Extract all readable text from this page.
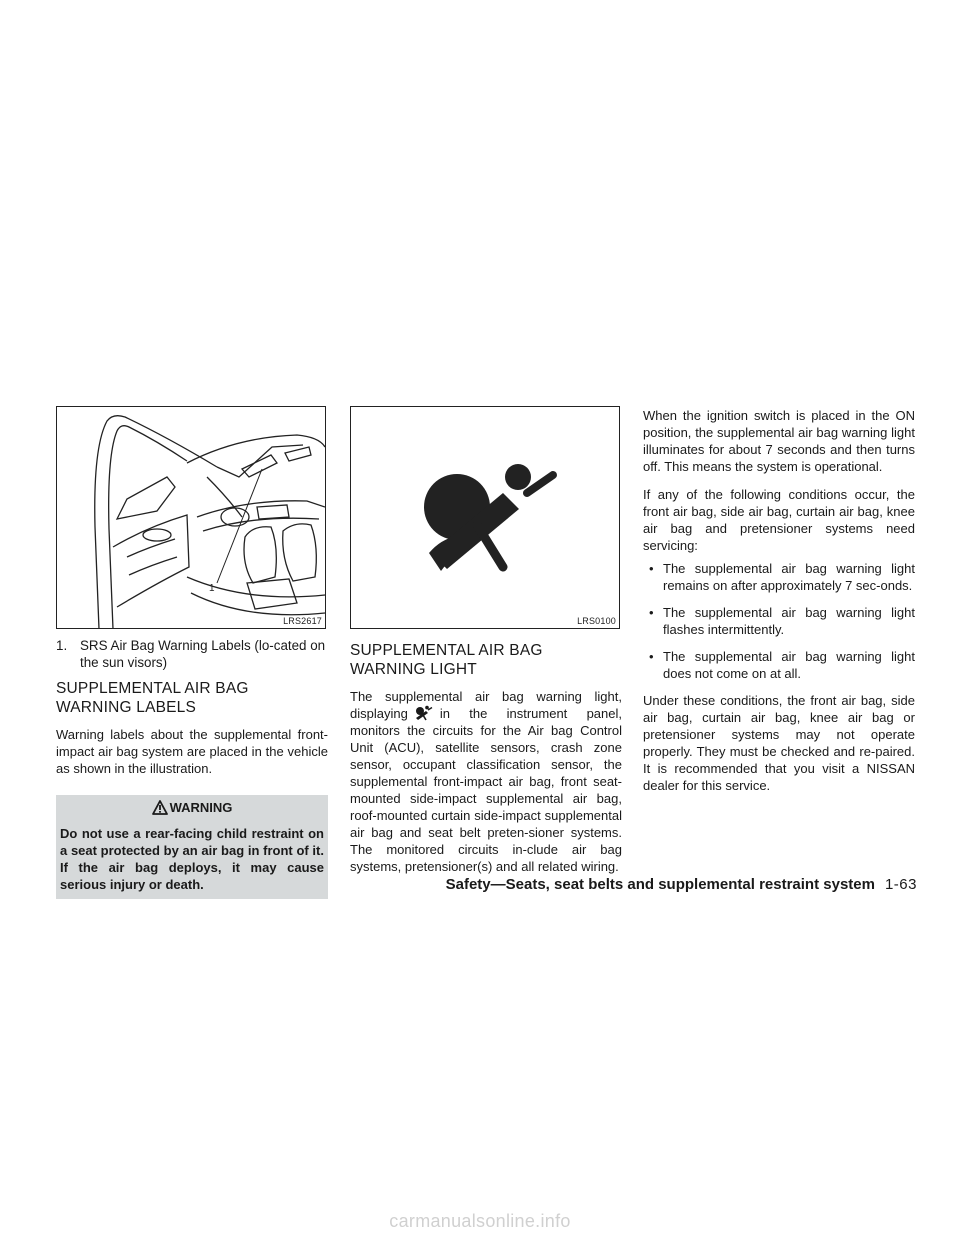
1
LRS2617
1. SRS Air Bag Warning Labels (lo-cated on the sun visors)
SUPPLEMENTAL AIR BAG WARNING LABELS

Warning labels about the supplemental front-impact air bag system are placed in the vehicle as shown in the illustration.

WARNING
Do not use a rear-facing child restraint on a seat protected by an air bag in front of it. If the air bag deploys, it may cause serious injury or death.
LRS0100
SUPPLEMENTAL AIR BAG WARNING LIGHT

The supplemental air bag warning light, displaying in the instrument panel, monitors the circuits for the Air bag Control Unit (ACU), satellite sensors, crash zone sensor, occupant classification sensor, the supplemental front-impact air bag, front seat-mounted side-impact supplemental air bag, roof-mounted curtain side-impact supplemental air bag and seat belt preten-sioner systems. The monitored circuits in-clude air bag systems, pretensioner(s) and all related wiring.

When the ignition switch is placed in the ON position, the supplemental air bag warning light illuminates for about 7 seconds and then turns off. This means the system is operational.

If any of the following conditions occur, the front air bag, side air bag, curtain air bag, knee air bag and pretensioner systems need servicing:

• The supplemental air bag warning light remains on after approximately 7 sec-onds.
• The supplemental air bag warning light flashes intermittently.
• The supplemental air bag warning light does not come on at all.

Under these conditions, the front air bag, side air bag, curtain air bag, knee air bag or pretensioner systems may not operate properly. They must be checked and re-paired. It is recommended that you visit a NISSAN dealer for this service.

Safety—Seats, seat belts and supplemental restraint system 1-63
carmanualsonline.info
